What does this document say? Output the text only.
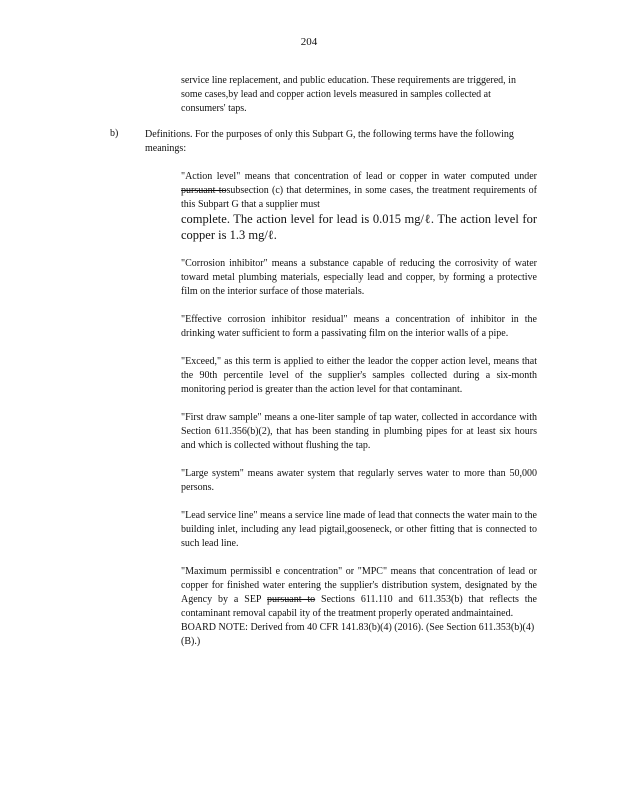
204
service line replacement, and public education. These requirements are triggered, in some cases,by lead and copper action levels measured in samples collected at consumers' taps.
b)	Definitions. For the purposes of only this Subpart G, the following terms have the following meanings:
"Action level" means that concentration of lead or copper in water computed under pursuant tosubsection (c) that determines, in some cases, the treatment requirements of this Subpart G that a supplier must
complete. The action level for lead is 0.015 mg/ℓ. The action level for copper is 1.3 mg/ℓ.
"Corrosion inhibitor" means a substance capable of reducing the corrosivity of water toward metal plumbing materials, especially lead and copper, by forming a protective film on the interior surface of those materials.
"Effective corrosion inhibitor residual" means a concentration of inhibitor in the drinking water sufficient to form a passivating film on the interior walls of a pipe.
"Exceed," as this term is applied to either the leador the copper action level, means that the 90th percentile level of the supplier's samples collected during a six-month monitoring period is greater than the action level for that contaminant.
"First draw sample" means a one-liter sample of tap water, collected in accordance with Section 611.356(b)(2), that has been standing in plumbing pipes for at least six hours and which is collected without flushing the tap.
"Large system" means awater system that regularly serves water to more than 50,000 persons.
"Lead service line" means a service line made of lead that connects the water main to the building inlet, including any lead pigtail,gooseneck, or other fitting that is connected to such lead line.
"Maximum permissibl e concentration" or "MPC" means that concentration of lead or copper for finished water entering the supplier's distribution system, designated by the Agency by a SEP pursuant to Sections 611.110 and 611.353(b) that reflects the contaminant removal capabil ity of the treatment properly operated andmaintained.
BOARD NOTE: Derived from 40 CFR 141.83(b)(4) (2016). (See Section 611.353(b)(4)(B).)
